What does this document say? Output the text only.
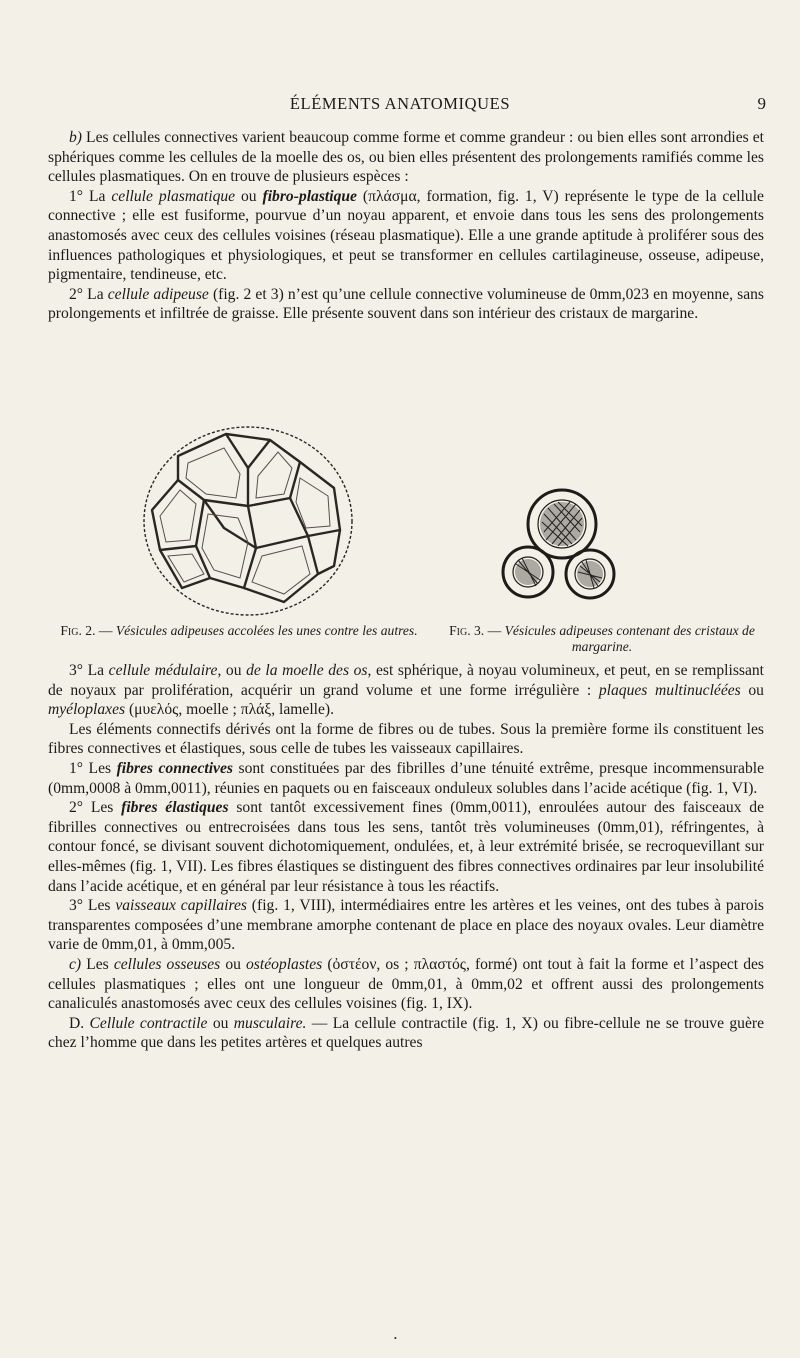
ÉLÉMENTS ANATOMIQUES	9

b) Les cellules connectives varient beaucoup comme forme et comme grandeur : ou bien elles sont arrondies et sphériques comme les cellules de la moelle des os, ou bien elles présentent des prolongements ramifiés comme les cellules plasmatiques. On en trouve de plusieurs espèces :

1° La cellule plasmatique ou fibro-plastique (πλάσμα, formation, fig. 1, V) représente le type de la cellule connective ; elle est fusiforme, pourvue d’un noyau apparent, et envoie dans tous les sens des prolongements anastomosés avec ceux des cellules voisines (réseau plasmatique). Elle a une grande aptitude à proliférer sous des influences pathologiques et physiologiques, et peut se transformer en cellules cartilagineuse, osseuse, adipeuse, pigmentaire, tendineuse, etc.

2° La cellule adipeuse (fig. 2 et 3) n’est qu’une cellule connective volumineuse de 0mm,023 en moyenne, sans prolongements et infiltrée de graisse. Elle présente souvent dans son intérieur des cristaux de margarine.

Fig. 2. — Vésicules adipeuses accolées les unes contre les autres.	Fig. 3. — Vésicules adipeuses contenant des cristaux de margarine.

3° La cellule médulaire, ou de la moelle des os, est sphérique, à noyau volumineux, et peut, en se remplissant de noyaux par prolifération, acquérir un grand volume et une forme irrégulière : plaques multinucléées ou myéloplaxes (μυελός, moelle ; πλάξ, lamelle).

Les éléments connectifs dérivés ont la forme de fibres ou de tubes. Sous la première forme ils constituent les fibres connectives et élastiques, sous celle de tubes les vaisseaux capillaires.

1° Les fibres connectives sont constituées par des fibrilles d’une ténuité extrême, presque incommensurable (0mm,0008 à 0mm,0011), réunies en paquets ou en faisceaux onduleux solubles dans l’acide acétique (fig. 1, VI).

2° Les fibres élastiques sont tantôt excessivement fines (0mm,0011), enroulées autour des faisceaux de fibrilles connectives ou entrecroisées dans tous les sens, tantôt très volumineuses (0mm,01), réfringentes, à contour foncé, se divisant souvent dichotomiquement, ondulées, et, à leur extrémité brisée, se recroquevillant sur elles-mêmes (fig. 1, VII). Les fibres élastiques se distinguent des fibres connectives ordinaires par leur insolubilité dans l’acide acétique, et en général par leur résistance à tous les réactifs.

3° Les vaisseaux capillaires (fig. 1, VIII), intermédiaires entre les artères et les veines, ont des tubes à parois transparentes composées d’une membrane amorphe contenant de place en place des noyaux ovales. Leur diamètre varie de 0mm,01, à 0mm,005.

c) Les cellules osseuses ou ostéoplastes (ὀστέον, os ; πλαστός, formé) ont tout à fait la forme et l’aspect des cellules plasmatiques ; elles ont une longueur de 0mm,01, à 0mm,02 et offrent aussi des prolongements canaliculés anastomosés avec ceux des cellules voisines (fig. 1, IX).

D. Cellule contractile ou musculaire. — La cellule contractile (fig. 1, X) ou fibre-cellule ne se trouve guère chez l’homme que dans les petites artères et quelques autres

•
